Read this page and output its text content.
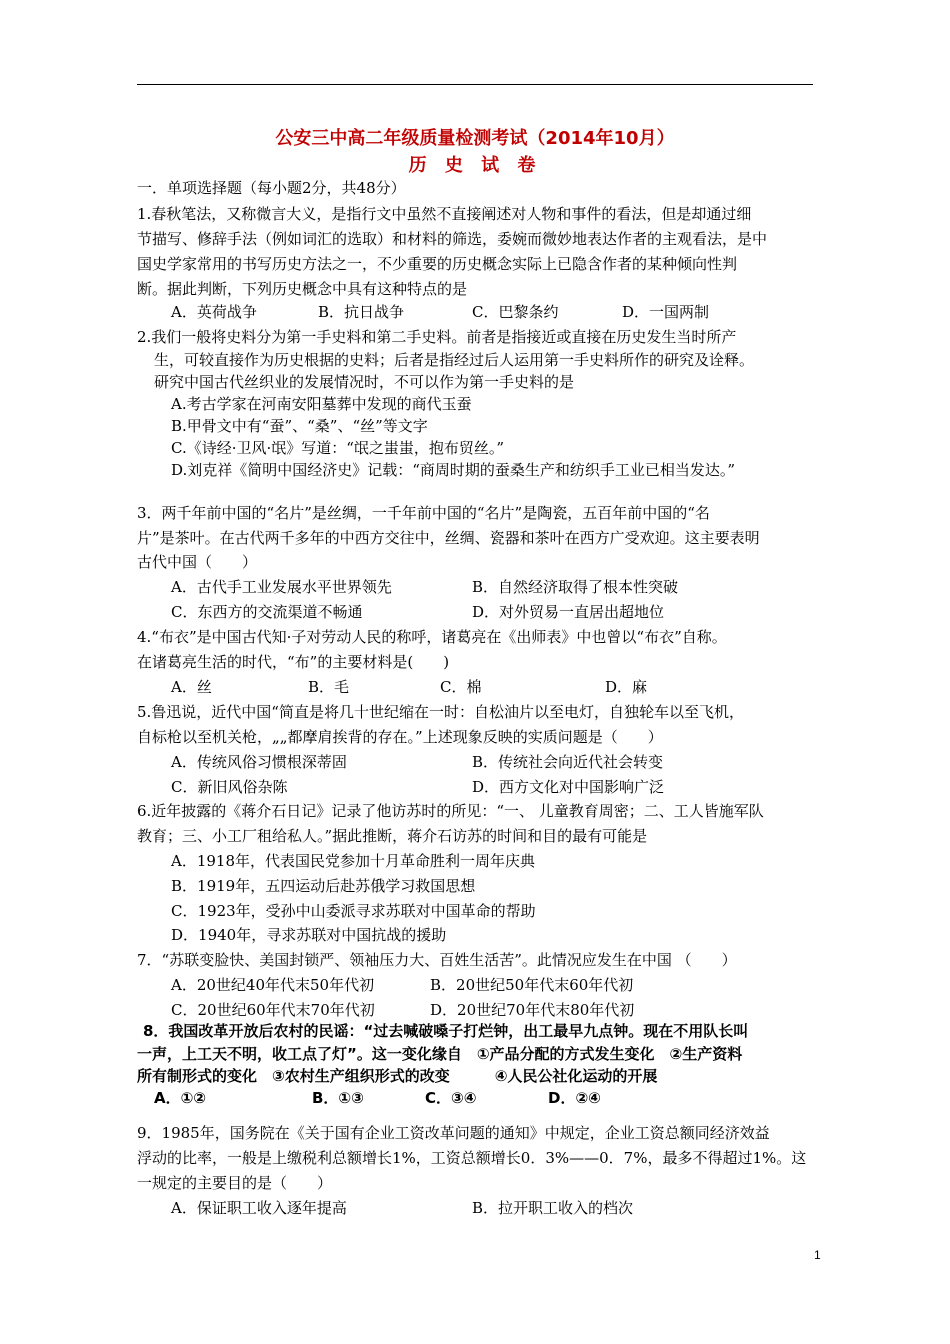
公安三中高二年级质量检测考试（2014年10月）
历 史 试 卷
一．单项选择题（每小题2分，共48分）
1.春秋笔法，又称微言大义，是指行文中虽然不直接阐述对人物和事件的看法，但是却通过细
节描写、修辞手法（例如词汇的选取）和材料的筛选，委婉而微妙地表达作者的主观看法，是中
国史学家常用的书写历史方法之一，不少重要的历史概念实际上已隐含作者的某种倾向性判
断。据此判断，下列历史概念中具有这种特点的是
A．英荷战争	B．抗日战争	C．巴黎条约	D．一国两制
2.我们一般将史料分为第一手史料和第二手史料。前者是指接近或直接在历史发生当时所产
生，可较直接作为历史根据的史料；后者是指经过后人运用第一手史料所作的研究及诠释。
研究中国古代丝织业的发展情况时，不可以作为第一手史料的是
A.考古学家在河南安阳墓葬中发现的商代玉蚕
B.甲骨文中有“蚕”、“桑”、“丝”等文字
C.《诗经·卫风·氓》写道：“氓之蚩蚩，抱布贸丝。”
D.刘克祥《简明中国经济史》记载：“商周时期的蚕桑生产和纺织手工业已相当发达。”
3．两千年前中国的“名片”是丝绸，一千年前中国的“名片”是陶瓷，五百年前中国的“名
片”是茶叶。在古代两千多年的中西方交往中，丝绸、瓷器和茶叶在西方广受欢迎。这主要表明
古代中国（　　）
A．古代手工业发展水平世界领先	B．自然经济取得了根本性突破
C．东西方的交流渠道不畅通	D．对外贸易一直居出超地位
4.“布衣”是中国古代知·子对劳动人民的称呼，诸葛亮在《出师表》中也曾以“布衣”自称。
在诸葛亮生活的时代，“布”的主要材料是(　　)
A．丝	B．毛	C．棉	D．麻
5.鲁迅说，近代中国“简直是将几十世纪缩在一时：自松油片以至电灯，自独轮车以至飞机，
自标枪以至机关枪，„„都摩肩挨背的存在。”上述现象反映的实质问题是（　　）
A．传统风俗习惯根深蒂固	B．传统社会向近代社会转变
C．新旧风俗杂陈	D．西方文化对中国影响广泛
6.近年披露的《蒋介石日记》记录了他访苏时的所见：“一、 儿童教育周密；二、工人皆施军队
教育；三、小工厂租给私人。”据此推断，蒋介石访苏的时间和目的最有可能是
A．1918年，代表国民党参加十月革命胜利一周年庆典
B．1919年，五四运动后赴苏俄学习救国思想
C．1923年，受孙中山委派寻求苏联对中国革命的帮助
D．1940年，寻求苏联对中国抗战的援助
7．“苏联变脸快、美国封锁严、领袖压力大、百姓生活苦”。此情况应发生在中国 （　　）
A．20世纪40年代末50年代初	B．20世纪50年代末60年代初
C．20世纪60年代末70年代初	D．20世纪70年代末80年代初
8．我国改革开放后农村的民谣：“过去喊破嗓子打烂钟，出工最早九点钟。现在不用队长叫
一声，上工天不明，收工点了灯”。这一变化缘自　①产品分配的方式发生变化　②生产资料
所有制形式的变化　③农村生产组织形式的改变　　　④人民公社化运动的开展
A．①②	B．①③	C．③④	D．②④
9．1985年，国务院在《关于国有企业工资改革问题的通知》中规定，企业工资总额同经济效益
浮动的比率，一般是上缴税利总额增长1%，工资总额增长0．3%——0．7%，最多不得超过1%。这
一规定的主要目的是（　　）
A．保证职工收入逐年提高	B．拉开职工收入的档次
1
